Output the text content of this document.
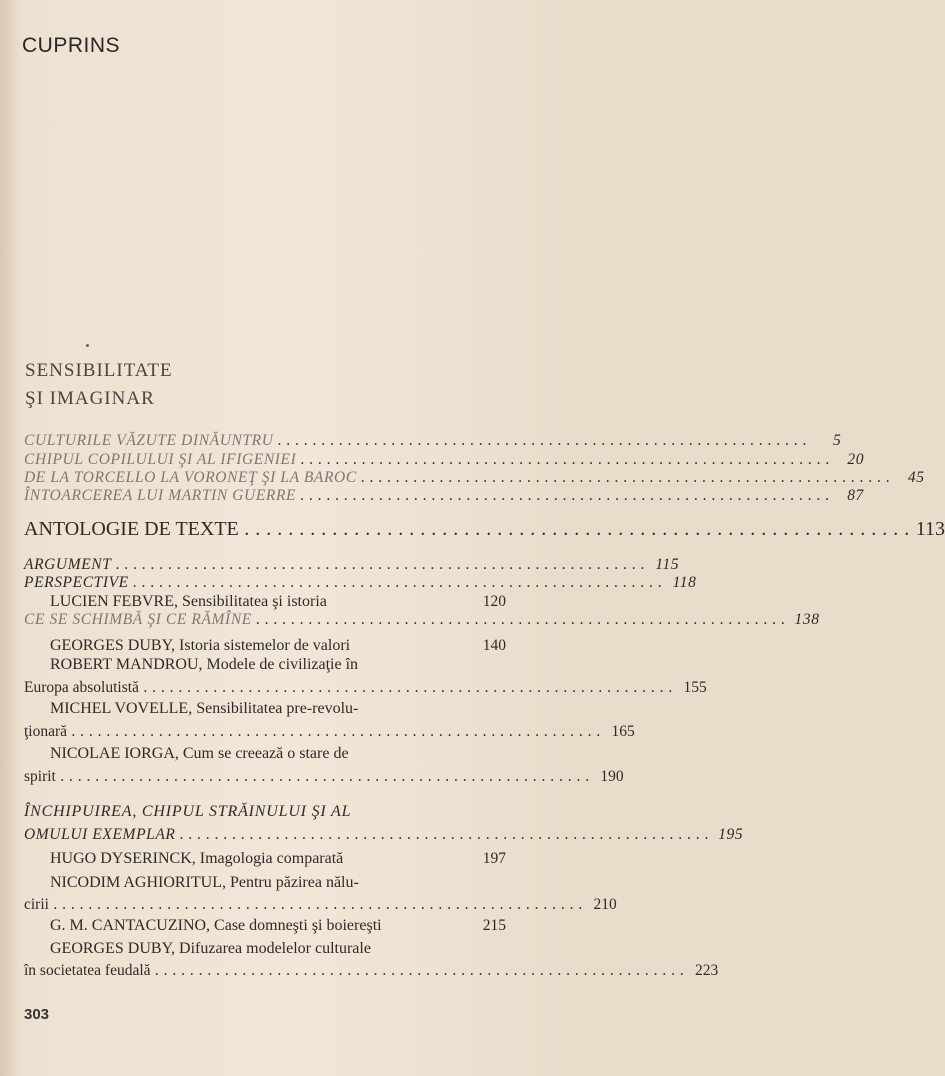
CUPRINS
SENSIBILITATE
ŞI IMAGINAR
CULTURILE VĂZUTE DINĂUNTRU . . .	5
CHIPUL COPILULUI ŞI AL IFIGENIEI . . .	20
DE LA TORCELLO LA VORONEŢ ŞI LA BAROC . . .	45
ÎNTOARCEREA LUI MARTIN GUERRE . . .	87
ANTOLOGIE DE TEXTE . . .	113
ARGUMENT . . .	115
PERSPECTIVE . . .	118
LUCIEN FEBVRE, Sensibilitatea şi istoria	120
CE SE SCHIMBĂ ŞI CE RĂMÎNE . . .	138
GEORGES DUBY, Istoria sistemelor de valori	140
ROBERT MANDROU, Modele de civilizaţie în
Europa absolutistă . . .	155
MICHEL VOVELLE, Sensibilitatea pre-revolu-
ţionară . . .	165
NICOLAE IORGA, Cum se creează o stare de
spirit . . .	190
ÎNCHIPUIREA, CHIPUL STRĂINULUI ŞI AL
OMULUI EXEMPLAR . . .	195
HUGO DYSERINCK, Imagologia comparată	197
NICODIM AGHIORITUL, Pentru păzirea nălu-
cirii . . .	210
G. M. CANTACUZINO, Case domneşti şi boiereşti	215
GEORGES DUBY, Difuzarea modelelor culturale
în societatea feudală . . .	223
303
